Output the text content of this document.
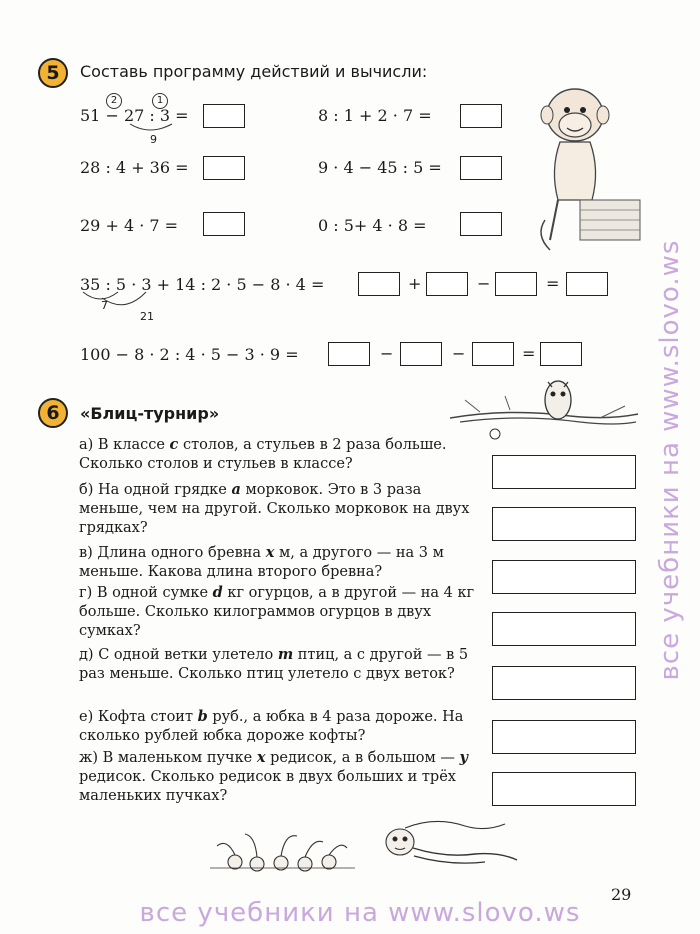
5	Составь программу действий и вычисли:
2	1
51 − 27 : 3 =
9
28 : 4 + 36 =
29 + 4 · 7 =
8 : 1 + 2 · 7 =
9 · 4 − 45 : 5 =
0 : 5+ 4 · 8 =
35 : 5 · 3 + 14 : 2 · 5 − 8 · 4 =
7
21
+	−	=
100 − 8 · 2 : 4 · 5 − 3 · 9 =	−	−	=
6	«Блиц-турнир»
а) В классе c столов, а стульев в 2 раза больше. Сколько столов и стульев в классе?
б) На одной грядке a морковок. Это в 3 раза меньше, чем на другой. Сколько морковок на двух грядках?
в) Длина одного бревна x м, а другого — на 3 м меньше. Какова длина второго бревна?
г) В одной сумке d кг огурцов, а в другой — на 4 кг больше. Сколько килограммов огурцов в двух сумках?
д) С одной ветки улетело m птиц, а с другой — в 5 раз меньше. Сколько птиц улетело с двух веток?
е) Кофта стоит b руб., а юбка в 4 раза дороже. На сколько рублей юбка дороже кофты?
ж) В маленьком пучке x редисок, а в большом — y редисок. Сколько редисок в двух больших и трёх маленьких пучках?
29
все учебники на www.slovo.ws
все учебники на www.slovo.ws
